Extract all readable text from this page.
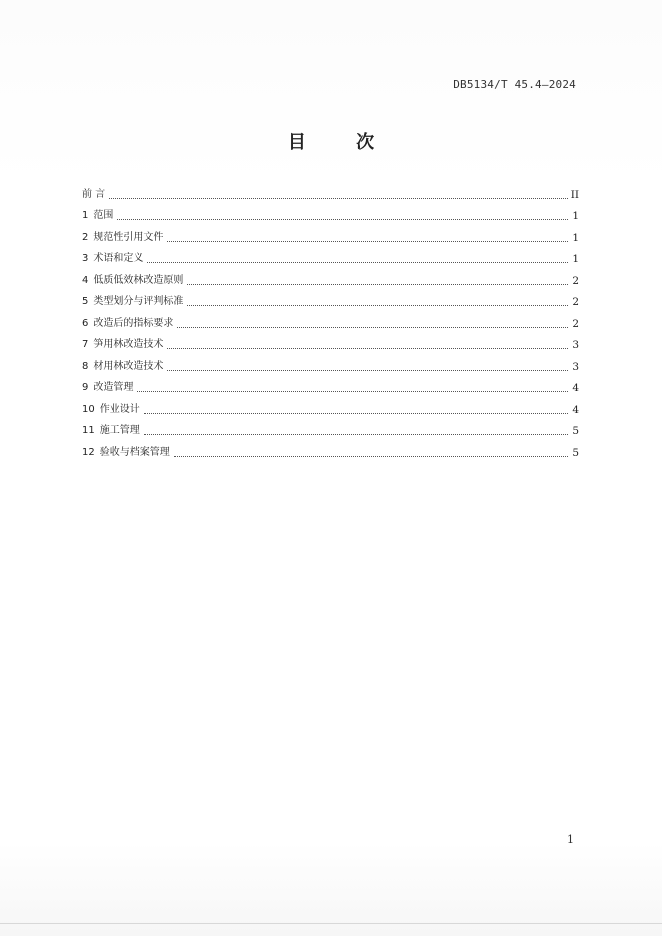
DB5134/T 45.4—2024
目 次
前 言	II
1 范围	1
2 规范性引用文件	1
3 术语和定义	1
4 低质低效林改造原则	2
5 类型划分与评判标准	2
6 改造后的指标要求	2
7 笋用林改造技术	3
8 材用林改造技术	3
9 改造管理	4
10 作业设计	4
11 施工管理	5
12 验收与档案管理	5
1
